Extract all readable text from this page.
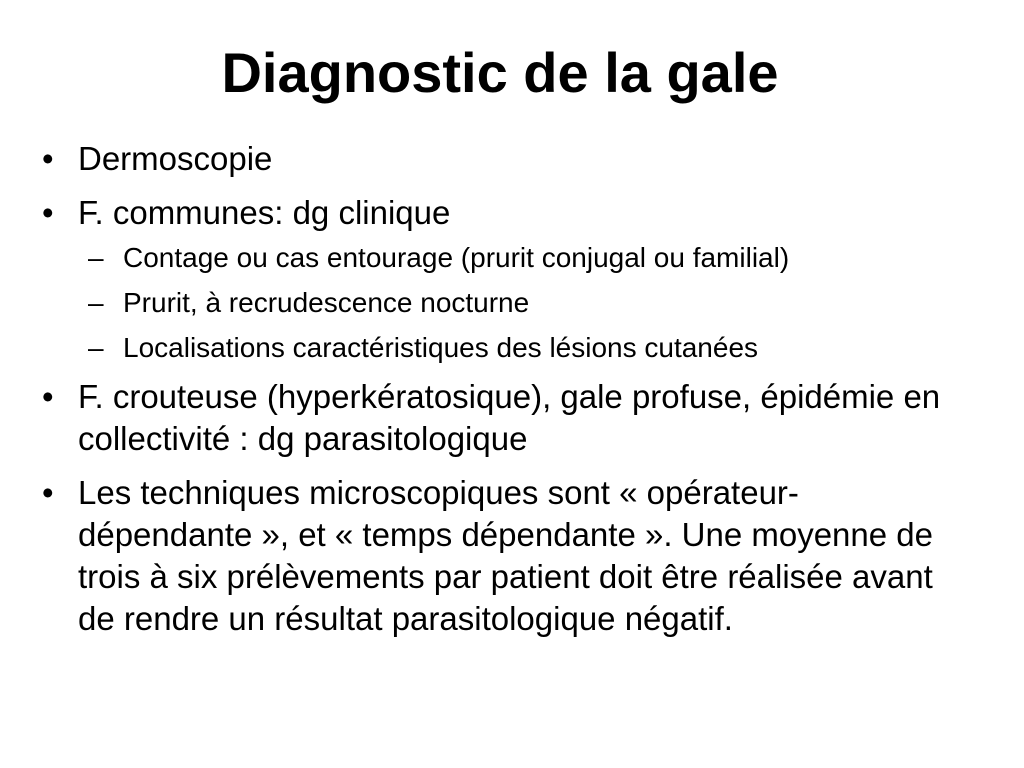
Diagnostic de la gale
• Dermoscopie
• F. communes: dg clinique
– Contage ou cas entourage (prurit conjugal ou familial)
– Prurit, à recrudescence nocturne
– Localisations caractéristiques des lésions cutanées
• F. crouteuse (hyperkératosique), gale profuse, épidémie en collectivité : dg parasitologique
• Les techniques microscopiques sont « opérateur-dépendante », et « temps dépendante ». Une moyenne de trois à six prélèvements par patient doit être réalisée avant de rendre un résultat parasitologique négatif.
